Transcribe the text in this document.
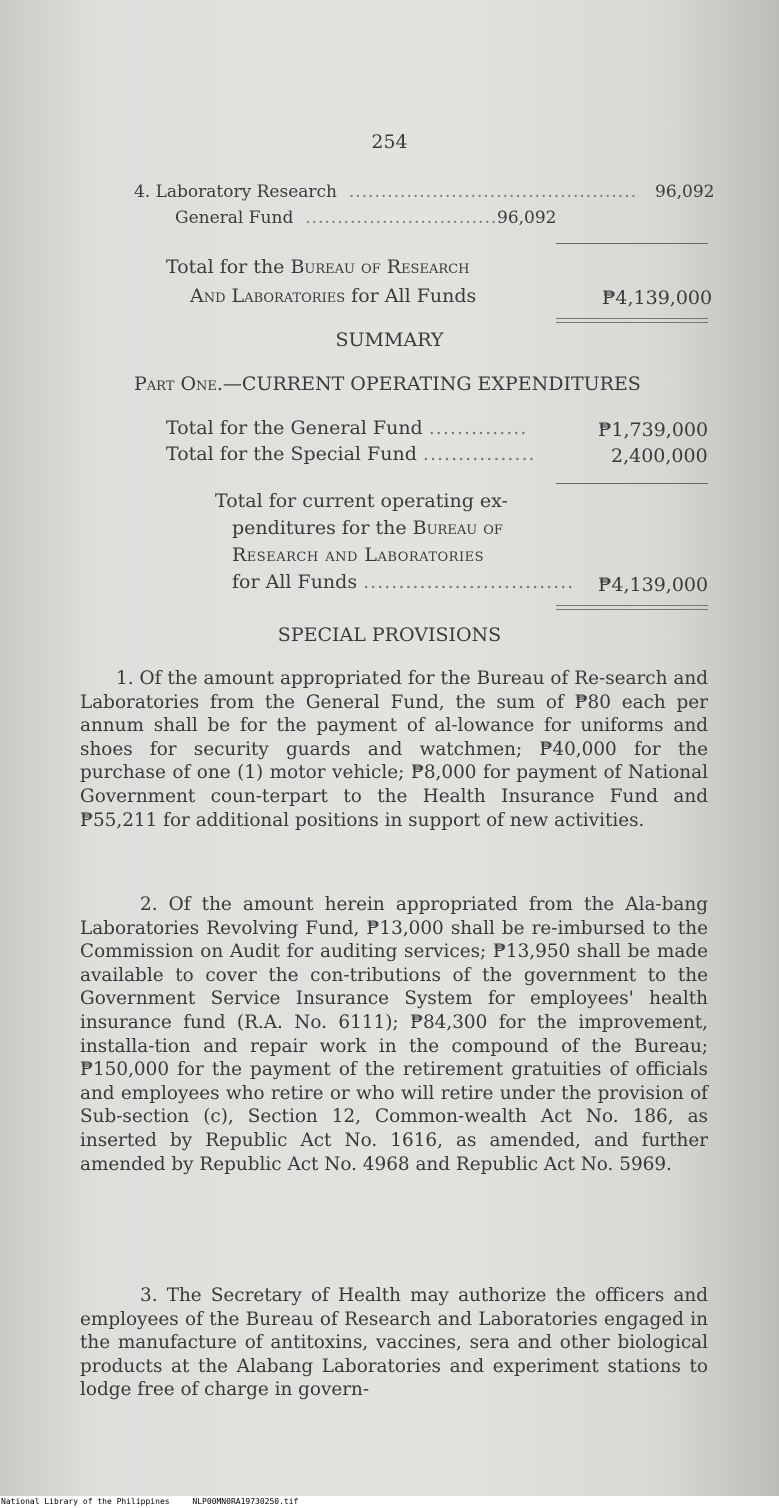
254
4. Laboratory Research  ............................................. 96,092
General Fund  .............................. 96,092
Total for the Bureau of Research
And Laboratories for All Funds	₱4,139,000
SUMMARY
Part One.—CURRENT OPERATING EXPENDITURES
Total for the General Fund ..............	₱1,739,000
Total for the Special Fund ................	2,400,000
Total for current operating ex-
penditures for the Bureau of
Research and Laboratories
for All Funds .............................. ₱4,139,000
SPECIAL PROVISIONS
1. Of the amount appropriated for the Bureau of Re-search and Laboratories from the General Fund, the sum of ₱80 each per annum shall be for the payment of al-lowance for uniforms and shoes for security guards and watchmen; ₱40,000 for the purchase of one (1) motor vehicle; ₱8,000 for payment of National Government coun-terpart to the Health Insurance Fund and ₱55,211 for additional positions in support of new activities.
2. Of the amount herein appropriated from the Ala-bang Laboratories Revolving Fund, ₱13,000 shall be re-imbursed to the Commission on Audit for auditing services; ₱13,950 shall be made available to cover the con-tributions of the government to the Government Service Insurance System for employees' health insurance fund (R.A. No. 6111); ₱84,300 for the improvement, installa-tion and repair work in the compound of the Bureau; ₱150,000 for the payment of the retirement gratuities of officials and employees who retire or who will retire under the provision of Sub-section (c), Section 12, Common-wealth Act No. 186, as inserted by Republic Act No. 1616, as amended, and further amended by Republic Act No. 4968 and Republic Act No. 5969.
3. The Secretary of Health may authorize the officers and employees of the Bureau of Research and Laboratories engaged in the manufacture of antitoxins, vaccines, sera and other biological products at the Alabang Laboratories and experiment stations to lodge free of charge in govern-
National Library of the Philippines	NLP00MN0RA19730250.tif
